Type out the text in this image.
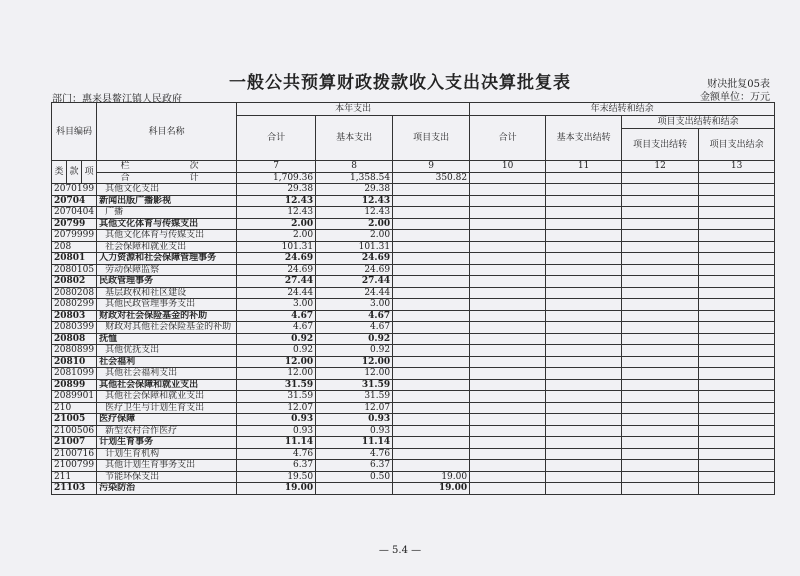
一般公共预算财政拨款收入支出决算批复表	财决批复05表
部门：惠来县鳌江镇人民政府	金额单位：万元
科目编码			科目名称	本年支出			年末结转和结余			
				合计	基本支出	项目支出	合计	基本支出结转	项目支出结转和结余	
									项目支出结转	项目支出结余
类	款	项	栏　　次	7	8	9	10	11	12	13
			合　　计	1,709.36	1,358.54	350.82				
2070199			其他文化支出	29.38	29.38					
20704			新闻出版广播影视	12.43	12.43					
2070404			广播	12.43	12.43					
20799			其他文化体育与传媒支出	2.00	2.00					
2079999			其他文化体育与传媒支出	2.00	2.00					
208			社会保障和就业支出	101.31	101.31					
20801			人力资源和社会保障管理事务	24.69	24.69					
2080105			劳动保障监察	24.69	24.69					
20802			民政管理事务	27.44	27.44					
2080208			基层政权和社区建设	24.44	24.44					
2080299			其他民政管理事务支出	3.00	3.00					
20803			财政对社会保险基金的补助	4.67	4.67					
2080399			财政对其他社会保险基金的补助	4.67	4.67					
20808			抚恤	0.92	0.92					
2080899			其他优抚支出	0.92	0.92					
20810			社会福利	12.00	12.00					
2081099			其他社会福利支出	12.00	12.00					
20899			其他社会保障和就业支出	31.59	31.59					
2089901			其他社会保障和就业支出	31.59	31.59					
210			医疗卫生与计划生育支出	12.07	12.07					
21005			医疗保障	0.93	0.93					
2100506			新型农村合作医疗	0.93	0.93					
21007			计划生育事务	11.14	11.14					
2100716			计划生育机构	4.76	4.76					
2100799			其他计划生育事务支出	6.37	6.37					
211			节能环保支出	19.50	0.50	19.00				
21103			污染防治	19.00		19.00				
— 5.4 —
